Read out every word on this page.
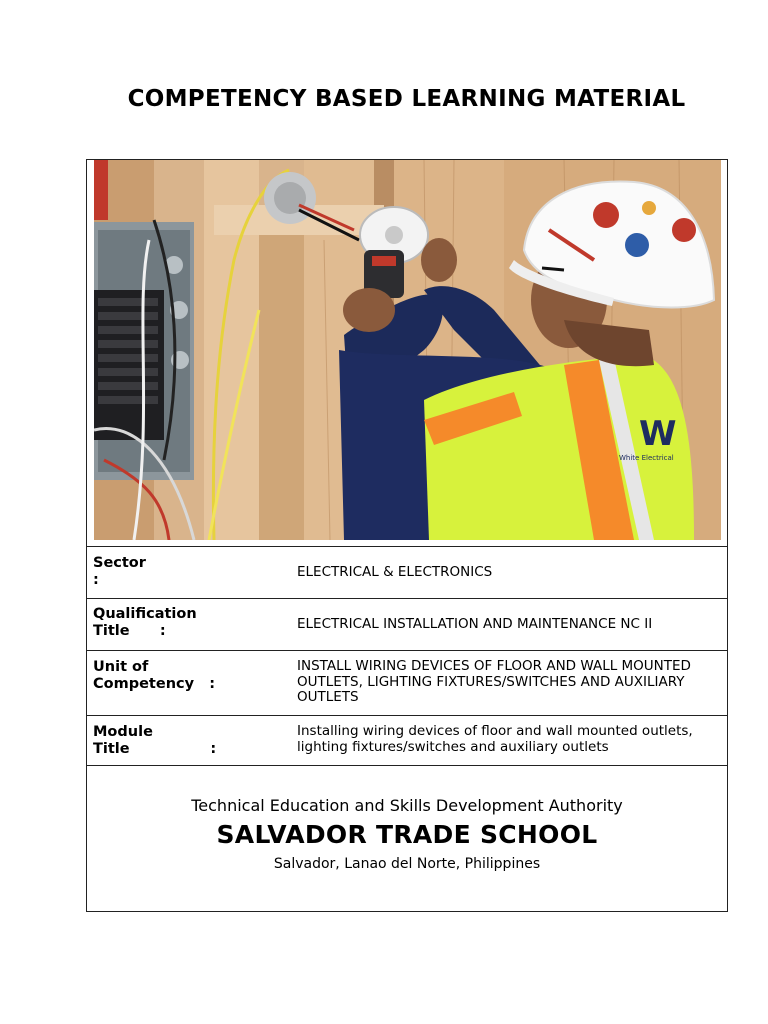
COMPETENCY BASED LEARNING MATERIAL
W
White Electrical
Sector
:	ELECTRICAL & ELECTRONICS
Qualification
Title      :	ELECTRICAL INSTALLATION AND MAINTENANCE NC II
Unit of
Competency   :
INSTALL WIRING DEVICES OF FLOOR AND WALL MOUNTED OUTLETS, LIGHTING FIXTURES/SWITCHES AND AUXILIARY OUTLETS
Module
Title                :
Installing wiring devices of floor and wall mounted outlets, lighting fixtures/switches and auxiliary outlets
Technical Education and Skills Development Authority
SALVADOR TRADE SCHOOL
Salvador, Lanao del Norte, Philippines
